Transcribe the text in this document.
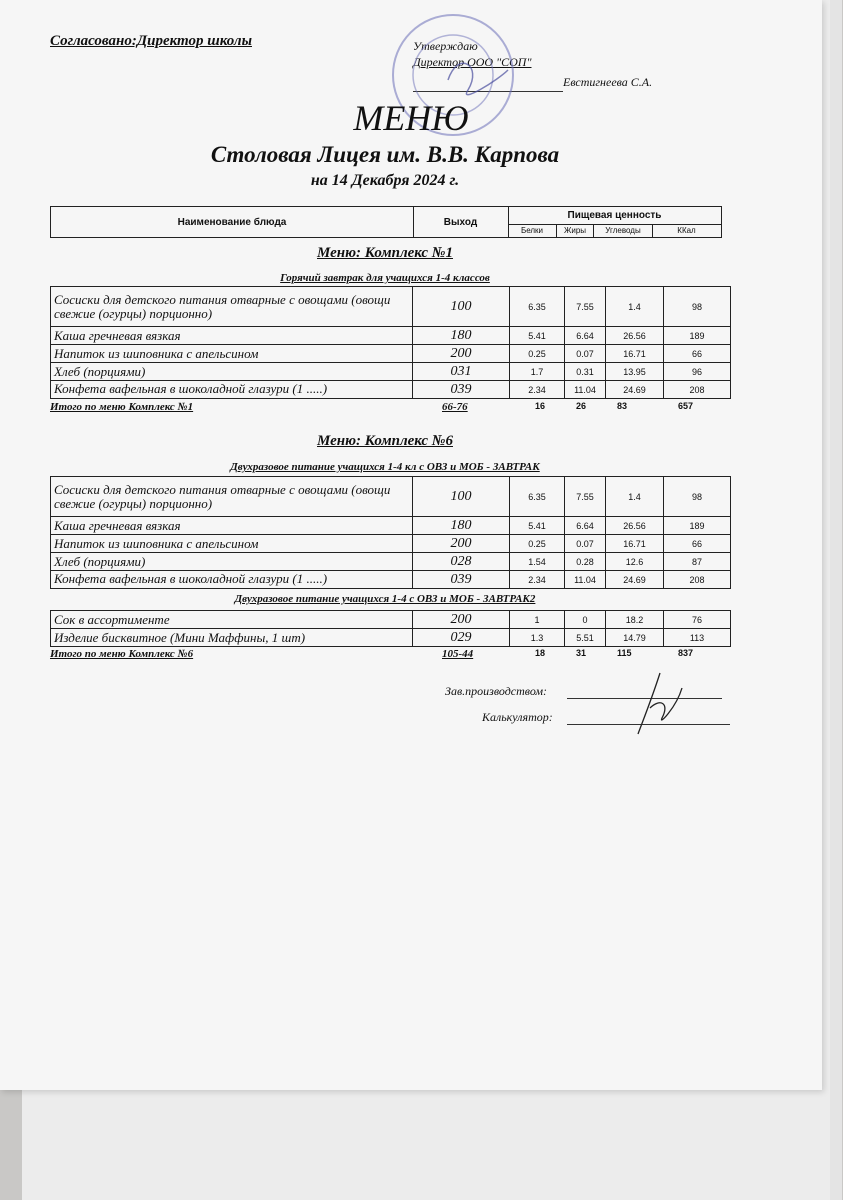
Согласовано:Директор школы	Утверждаю
Директор ООО "СОП"
Евстигнеева С.А.
МЕНЮ
Столовая Лицея им. В.В. Карпова
на 14 Декабря 2024 г.
Наименование блюда	Выход
Пищевая ценность
Белки	Жиры	Углеводы	ККал
Меню: Комплекс №1
Горячий завтрак для учащихся 1-4 классов
Сосиски для детского питания отварные с овощами (овощи свежие (огурцы) порционно)	100	6.35	7.55	1.4	98
Каша гречневая вязкая	180	5.41	6.64	26.56	189
Напиток из шиповника с апельсином	200	0.25	0.07	16.71	66
Хлеб (порциями)	031	1.7	0.31	13.95	96

Конфета вафельная в шоколадной глазури (1 .....)	039	2.34	11.04	24.69	208
Итого по меню Комплекс №1	66-76	16	26	83	657
Меню: Комплекс №6
Двухразовое питание учащихся 1-4 кл с ОВЗ и МОБ - ЗАВТРАК
Сосиски для детского питания отварные с овощами (овощи свежие (огурцы) порционно)	100	6.35	7.55	1.4	98
Каша гречневая вязкая	180	5.41	6.64	26.56	189
Напиток из шиповника с апельсином	200	0.25	0.07	16.71	66
Хлеб (порциями)	028	1.54	0.28	12.6	87

Конфета вафельная в шоколадной глазури (1 .....)	039	2.34	11.04	24.69	208
Двухразовое питание учащихся 1-4 с ОВЗ и МОБ - ЗАВТРАК2
Сок в ассортименте	200	1	0	18.2	76
Изделие бисквитное (Мини Маффины, 1 шт)	029	1.3	5.51	14.79	113
Итого по меню Комплекс №6	105-44	18	31	115	837
Зав.производством:
Калькулятор:
